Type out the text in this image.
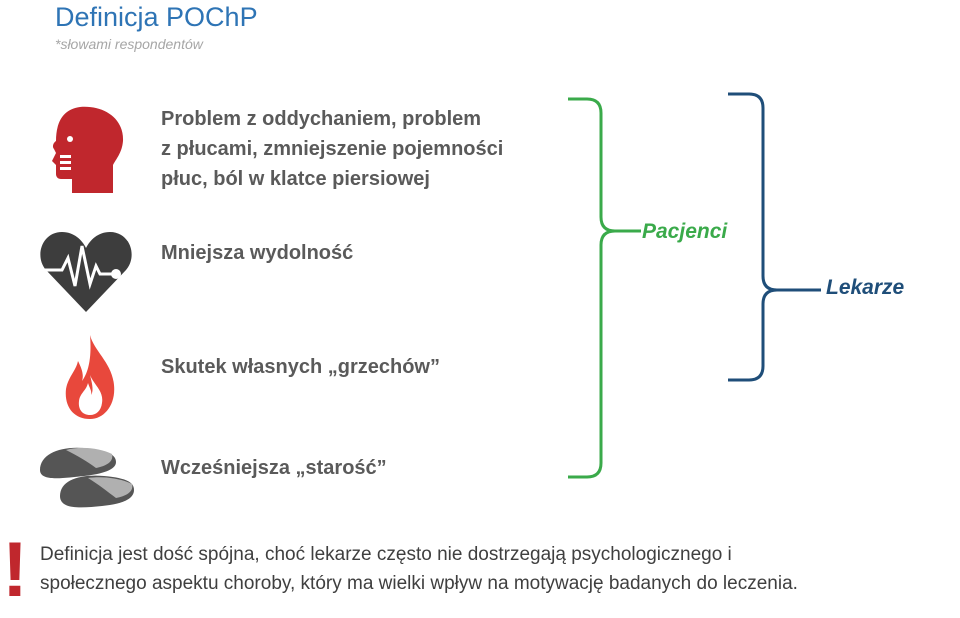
Definicja POChP
*słowami respondentów
Problem z oddychaniem, problem
z płucami, zmniejszenie pojemności
płuc, ból w klatce piersiowej
Mniejsza wydolność
Skutek własnych „grzechów”
Wcześniejsza „starość”
Pacjenci
Lekarze
! Definicja jest dość spójna, choć lekarze często nie dostrzegają psychologicznego i
społecznego aspektu choroby, który ma wielki wpływ na motywację badanych do leczenia.
